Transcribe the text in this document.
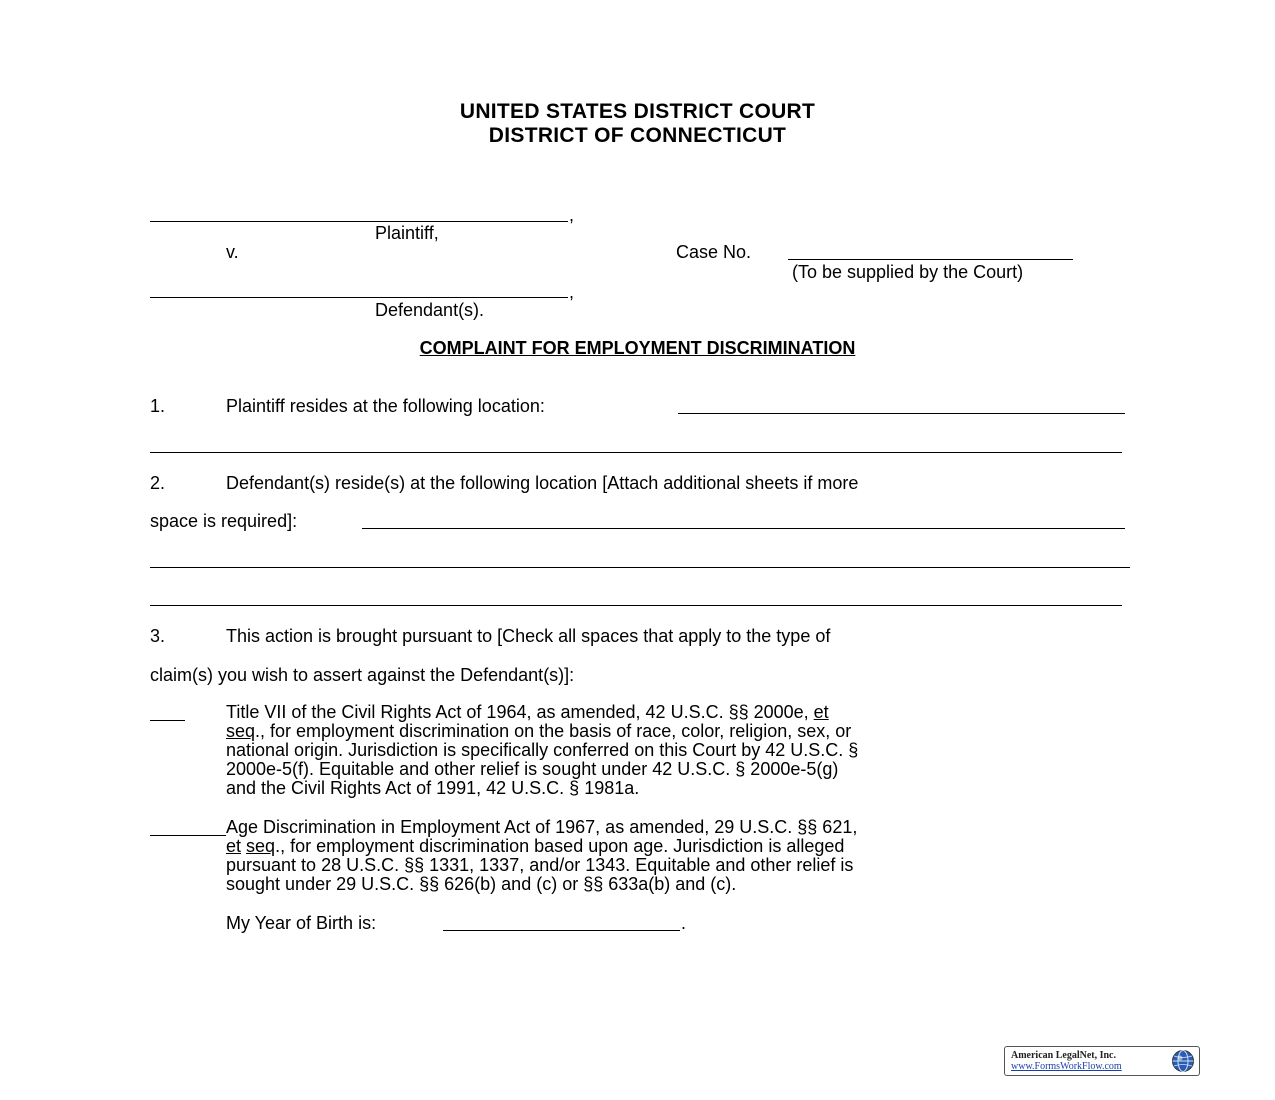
UNITED STATES DISTRICT COURT
DISTRICT OF CONNECTICUT
,
Plaintiff,
v.	Case No.
(To be supplied by the Court)
,
Defendant(s).
COMPLAINT FOR EMPLOYMENT DISCRIMINATION
1.	Plaintiff resides at the following location:
2.	Defendant(s) reside(s) at the following location [Attach additional sheets if more
space is required]:
3.	This action is brought pursuant to [Check all spaces that apply to the type of
claim(s) you wish to assert against the Defendant(s)]:
Title VII of the Civil Rights Act of 1964, as amended, 42 U.S.C. §§ 2000e, et
seq., for employment discrimination on the basis of race, color, religion, sex, or
national origin. Jurisdiction is specifically conferred on this Court by 42 U.S.C. §
2000e-5(f). Equitable and other relief is sought under 42 U.S.C. § 2000e-5(g)
and the Civil Rights Act of 1991, 42 U.S.C. § 1981a.
Age Discrimination in Employment Act of 1967, as amended, 29 U.S.C. §§ 621,
et seq., for employment discrimination based upon age. Jurisdiction is alleged
pursuant to 28 U.S.C. §§ 1331, 1337, and/or 1343. Equitable and other relief is
sought under 29 U.S.C. §§ 626(b) and (c) or §§ 633a(b) and (c).
My Year of Birth is:	.
American LegalNet, Inc.
www.FormsWorkFlow.com
